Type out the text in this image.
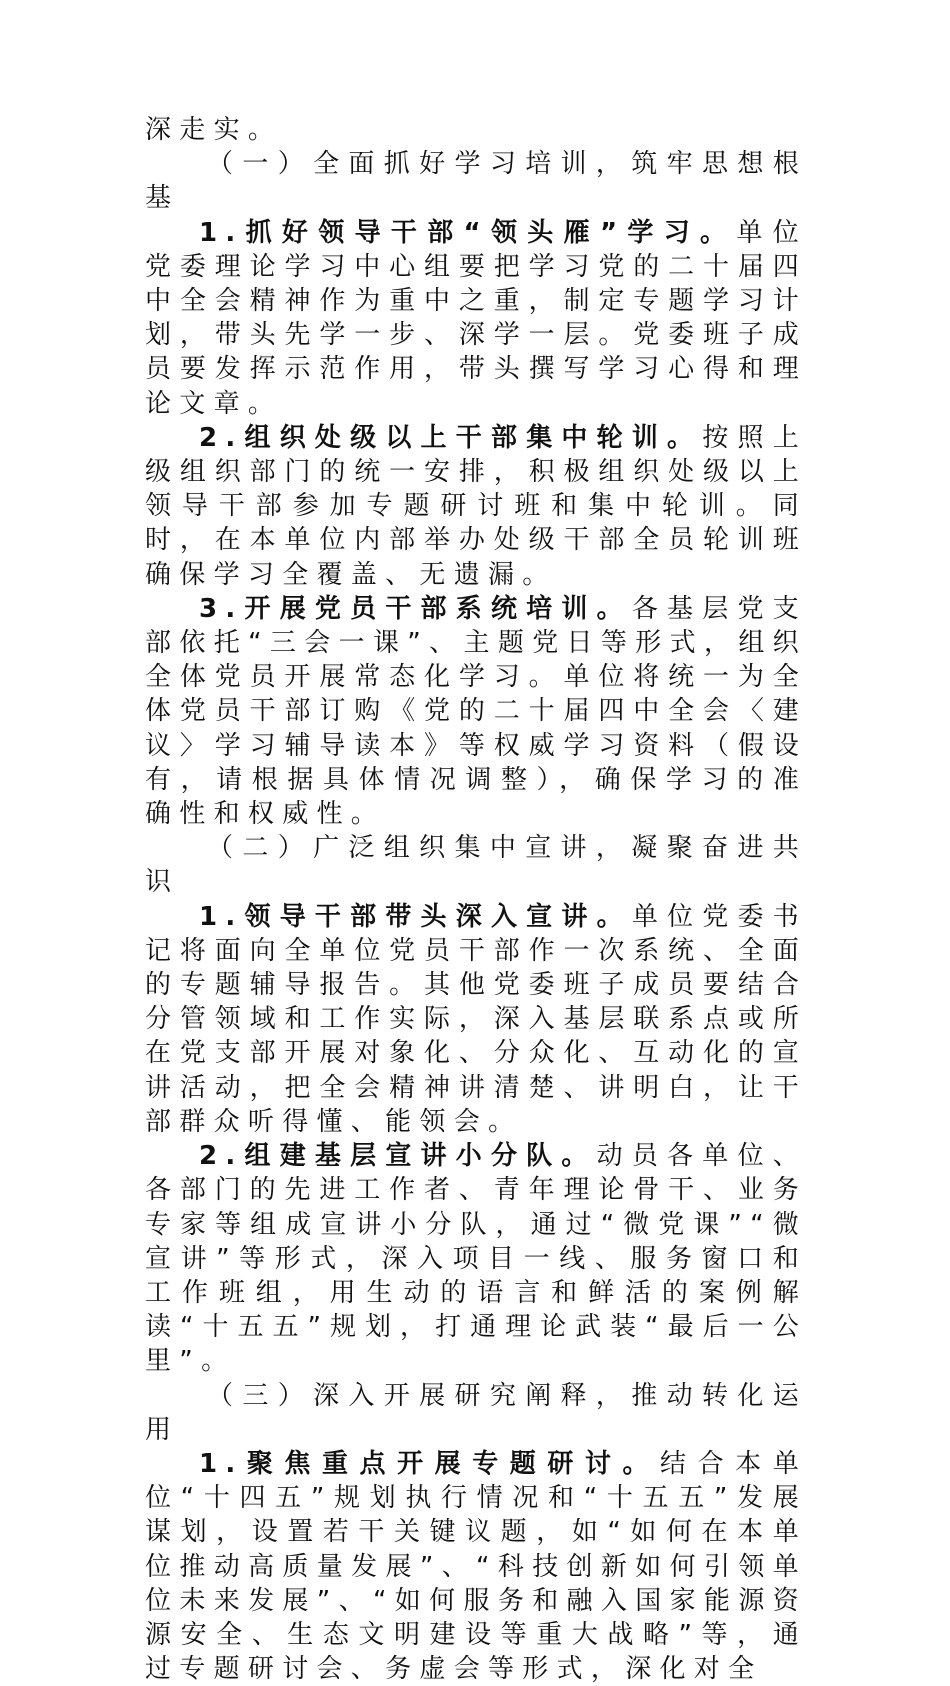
深走实。

（一）全面抓好学习培训，筑牢思想根基

1.抓好领导干部“领头雁”学习。单位党委理论学习中心组要把学习党的二十届四中全会精神作为重中之重，制定专题学习计划，带头先学一步、深学一层。党委班子成员要发挥示范作用，带头撰写学习心得和理论文章。

2.组织处级以上干部集中轮训。按照上级组织部门的统一安排，积极组织处级以上领导干部参加专题研讨班和集中轮训。同时，在本单位内部举办处级干部全员轮训班确保学习全覆盖、无遗漏。

3.开展党员干部系统培训。各基层党支部依托“三会一课”、主题党日等形式，组织全体党员开展常态化学习。单位将统一为全体党员干部订购《党的二十届四中全会〈建议〉学习辅导读本》等权威学习资料（假设有，请根据具体情况调整），确保学习的准确性和权威性。

（二）广泛组织集中宣讲，凝聚奋进共识

1.领导干部带头深入宣讲。单位党委书记将面向全单位党员干部作一次系统、全面的专题辅导报告。其他党委班子成员要结合分管领域和工作实际，深入基层联系点或所在党支部开展对象化、分众化、互动化的宣讲活动，把全会精神讲清楚、讲明白，让干部群众听得懂、能领会。

2.组建基层宣讲小分队。动员各单位、各部门的先进工作者、青年理论骨干、业务专家等组成宣讲小分队，通过“微党课”“微宣讲”等形式，深入项目一线、服务窗口和工作班组，用生动的语言和鲜活的案例解读“十五五”规划，打通理论武装“最后一公里”。

（三）深入开展研究阐释，推动转化运用

1.聚焦重点开展专题研讨。结合本单位“十四五”规划执行情况和“十五五”发展谋划，设置若干关键议题，如“如何在本单位推动高质量发展”、“科技创新如何引领单位未来发展”、“如何服务和融入国家能源资源安全、生态文明建设等重大战略”等，通过专题研讨会、务虚会等形式，深化对全
